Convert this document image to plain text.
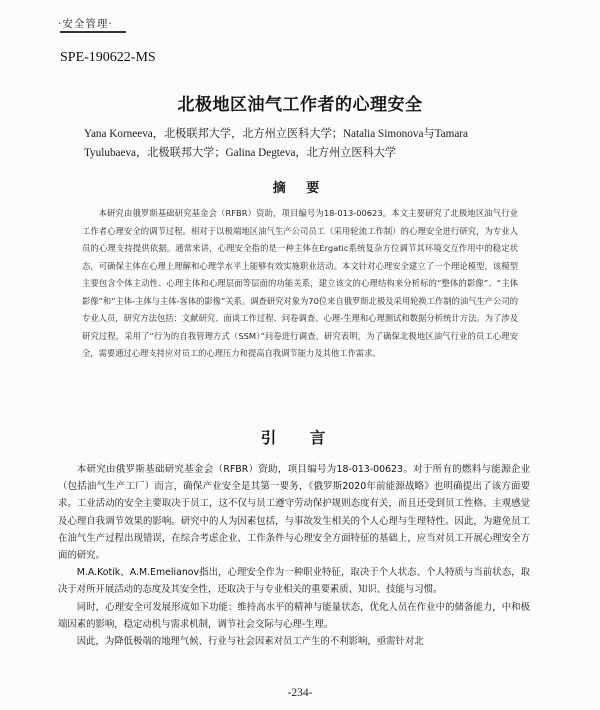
·安全管理·
SPE-190622-MS
北极地区油气工作者的心理安全
Yana Korneeva，北极联邦大学，北方州立医科大学；Natalia Simonova与Tamara Tyulubaeva，北极联邦大学；Galina Degteva，北方州立医科大学
摘 要

本研究由俄罗斯基础研究基金会（RFBR）资助，项目编号为18-013-00623。本文主要研究了北极地区油气行业工作者心理安全的调节过程。相对于以极端地区油气生产公司员工（采用轮流工作制）的心理安全进行研究，为专业人员的心理支持提供依据。通常来讲，心理安全指的是一种主体在Ergatic系统复杂方位调节其环境交互作用中的稳定状态，可确保主体在心理上理解和心理学水平上能够有效实施职业活动。本文针对心理安全建立了一个理论模型，该模型主要包含个体主动性、心理主体和心理层面等层面的功能关系，建立该文的心理结构来分析标的“整体的影像”、“主体影像”和“主体-主体与主体-客体的影像”关系。调查研究对象为70位来自俄罗斯北极及采用轮换工作制的油气生产公司的专业人员，研究方法包括：文献研究、面谈工作过程、问卷调查、心理-生理和心理测试和数据分析统计方法。为了涉及研究过程，采用了“行为的自我管理方式（SSM）”问卷进行调查，研究表明，为了确保北极地区油气行业的员工心理安全，需要通过心理支持应对员工的心理压力和提高自我调节能力及其他工作需求。

引 言

本研究由俄罗斯基础研究基金会（RFBR）资助，项目编号为18-013-00623。对于所有的燃料与能源企业（包括油气生产工厂）而言，确保产业安全是其第一要务，《俄罗斯2020年前能源战略》也明确提出了该方面要求。工业活动的安全主要取决于员工，这不仅与员工遵守劳动保护规则态度有关，而且还受到员工性格、主观感觉及心理自我调节效果的影响。研究中的人为因素包括，与事故发生相关的个人心理与生理特性。因此，为避免员工在油气生产过程出现错误，在综合考虑企业、工作条件与心理安全方面特征的基础上，应当对员工开展心理安全方面的研究。

M.A.Kotik、A.M.Emelianov指出，心理安全作为一种职业特征，取决于个人状态、个人特质与当前状态，取决于对所开展活动的态度及其安全性，还取决于与专业相关的重要素质、知识、技能与习惯。

同时，心理安全可发展形成如下功能：维持高水平的精神与能量状态，优化人员在作业中的储备能力，中和极端因素的影响，稳定动机与需求机制，调节社会交际与心理-生理。

因此，为降低极端的地理气候、行业与社会因素对员工产生的不利影响，亟需针对北

-234-
